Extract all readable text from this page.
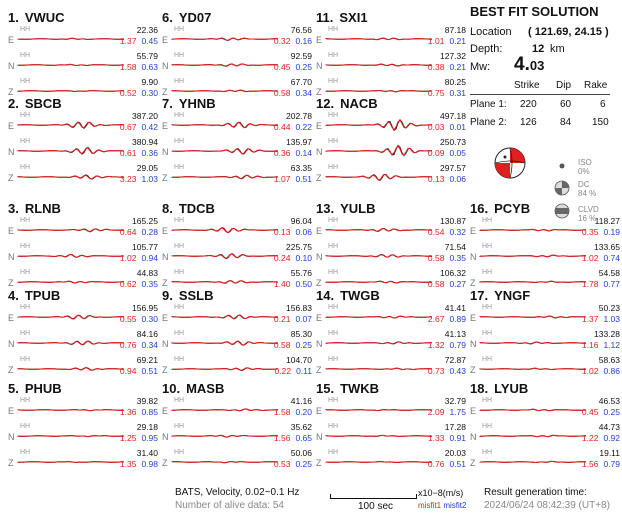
1. VWUC
E
HH	22.36
1.37 0.45
N
HH	55.79
1.58 0.63
Z
HH	9.90
0.52 0.30
2. SBCB
E
HH	387.20
0.67 0.42
N
HH	380.94
0.61 0.36
Z
HH	29.05
3.23 1.03
3. RLNB
E
HH	165.25
0.64 0.28
N
HH	105.77
1.02 0.94
Z
HH	44.83
0.62 0.35
4. TPUB
E
HH	156.95
0.55 0.30
N
HH	84.16
0.76 0.34
Z
HH	69.21
0.94 0.51
5. PHUB
E
HH	39.82
1.36 0.85
N
HH	29.18
1.25 0.95
Z
HH	31.40
1.35 0.98
6. YD07
E
HH	76.56
0.32 0.16
N
HH	92.59
0.45 0.25
Z
HH	67.70
0.58 0.34
7. YHNB
E
HH	202.78
0.44 0.22
N
HH	135.97
0.36 0.14
Z
HH	63.35
1.07 0.51
8. TDCB
E
HH	96.04
0.13 0.06
N
HH	225.75
0.24 0.10
Z
HH	55.76
1.40 0.50
9. SSLB
E
HH	156.83
0.21 0.07
N
HH	85.30
0.58 0.25
Z
HH	104.70
0.22 0.11
10. MASB
E
HH	41.16
1.58 0.20
N
HH	35.62
1.56 0.65
Z
HH	50.06
0.53 0.25
11. SXI1
E
HH	87.18
1.01 0.21
N
HH	127.32
0.38 0.21
Z
HH	80.25
0.75 0.31
12. NACB
E
HH	497.18
0.03 0.01
N
HH	250.73
0.09 0.05
Z
HH	297.57
0.13 0.06
13. YULB
E
HH	130.87
0.54 0.32
N
HH	71.54
0.58 0.35
Z
HH	106.32
0.58 0.27
14. TWGB
E
HH	41.41
2.67 0.89
N
HH	41.13
1.32 0.79
Z
HH	72.87
0.73 0.43
15. TWKB
E
HH	32.79
2.09 1.75
N
HH	17.28
1.33 0.91
Z
HH	20.03
0.76 0.51
16. PCYB
E
HH	118.27
0.35 0.19
N
HH	133.65
1.02 0.74
Z
HH	54.58
1.78 0.77
17. YNGF
E
HH	50.23
1.37 1.03
N
HH	133.28
1.16 1.12
Z
HH	58.63
1.02 0.86
18. LYUB
E
HH	46.53
0.45 0.25
N
HH	44.73
1.22 0.92
Z
HH	19.11
1.56 0.79
BEST FIT SOLUTION
Location ( 121.69, 24.15 )
Depth:	12 km
Mw: 4.03
Strike Dip Rake
Plane 1: 220 60	6
Plane 2: 126 84 150
ISO
0%
DC
84 %
CLVD
16 %
BATS, Velocity, 0.02~0.1 Hz
Number of alive data: 54	100 sec
x10−8(m/s)
misfit1 misfit2
Result generation time:
2024/06/24 08:42:39 (UT+8)
